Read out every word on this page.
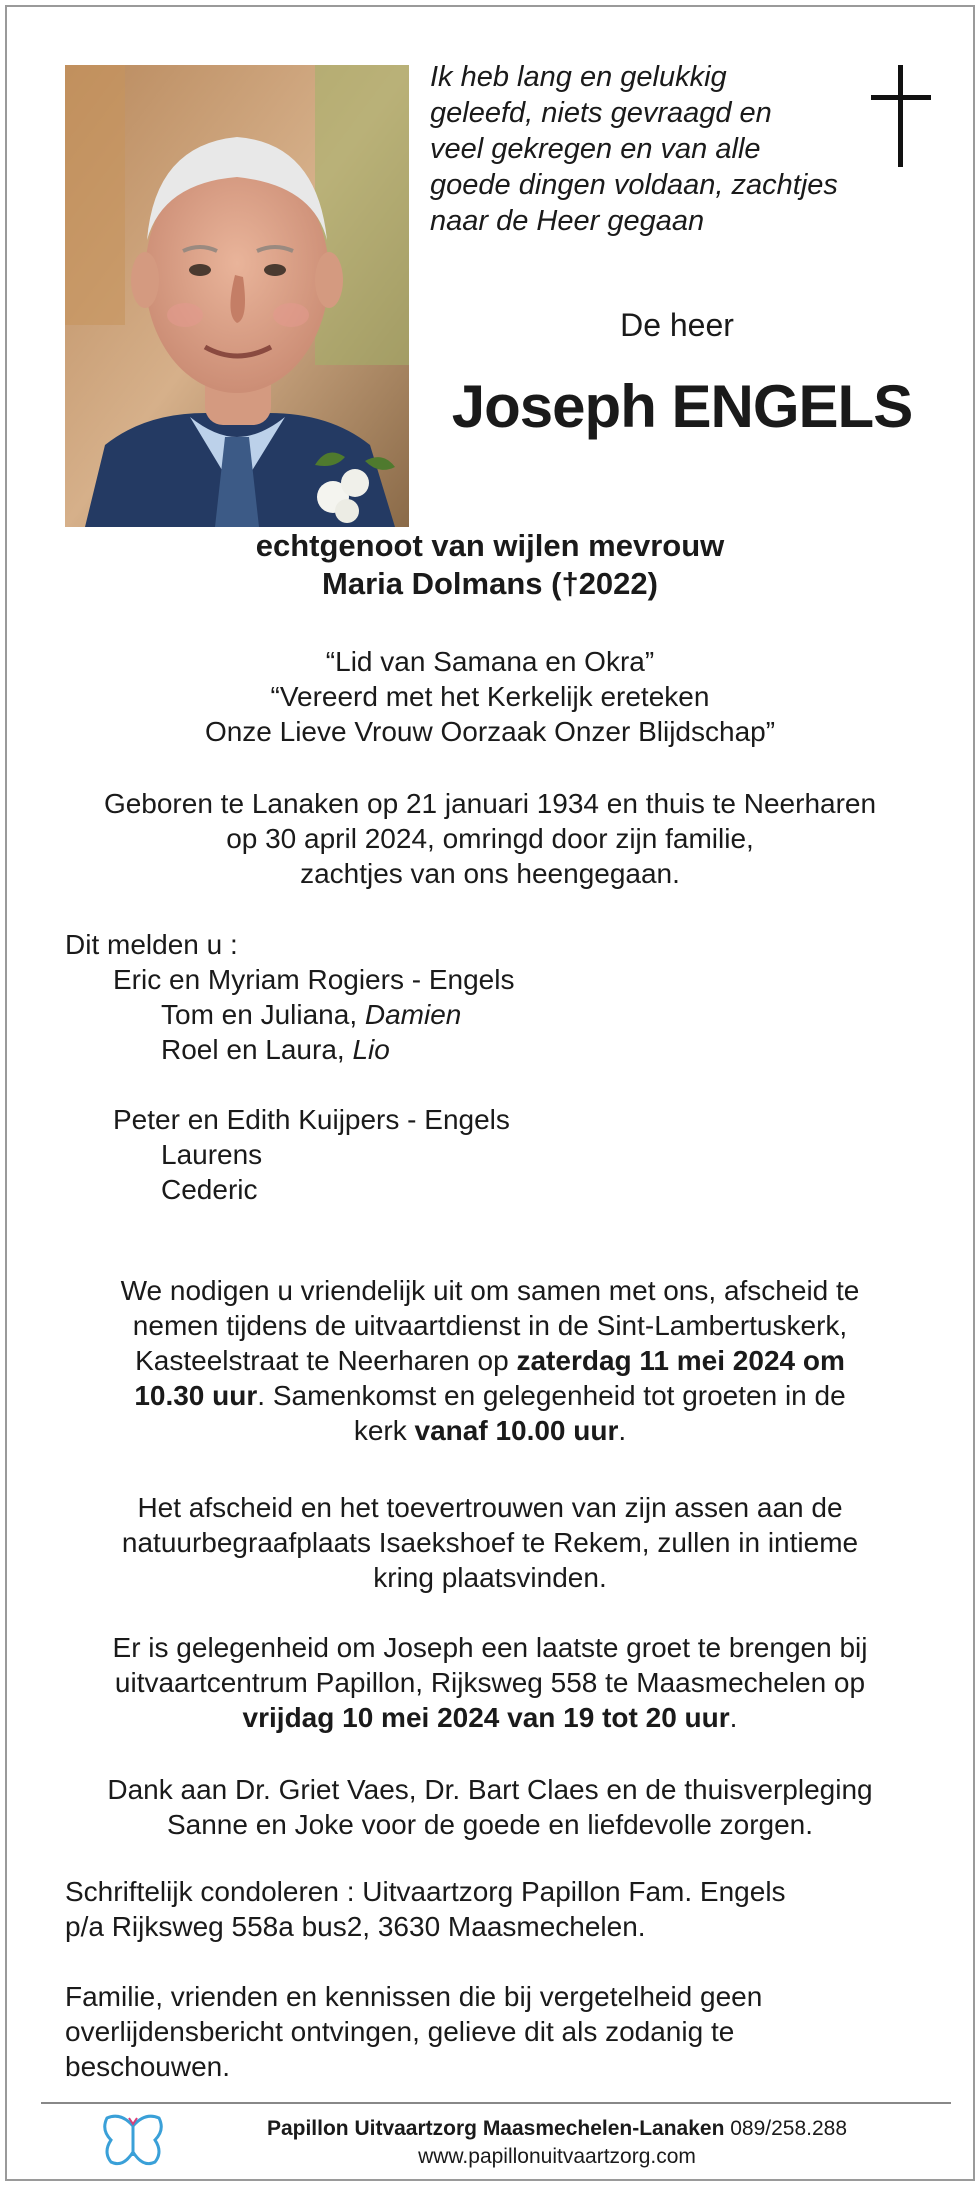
Ik heb lang en gelukkig
geleefd, niets gevraagd en
veel gekregen en van alle
goede dingen voldaan, zachtjes
naar de Heer gegaan
De heer
Joseph ENGELS
echtgenoot van wijlen mevrouw
Maria Dolmans (†2022)
“Lid van Samana en Okra”
“Vereerd met het Kerkelijk ereteken
Onze Lieve Vrouw Oorzaak Onzer Blijdschap”
Geboren te Lanaken op 21 januari 1934 en thuis te Neerharen
op 30 april 2024, omringd door zijn familie,
zachtjes van ons heengegaan.
Dit melden u :
Eric en Myriam Rogiers - Engels
Tom en Juliana, Damien
Roel en Laura, Lio
Peter en Edith Kuijpers - Engels
Laurens
Cederic
We nodigen u vriendelijk uit om samen met ons, afscheid te
nemen tijdens de uitvaartdienst in de Sint-Lambertuskerk,
Kasteelstraat te Neerharen op zaterdag 11 mei 2024 om
10.30 uur. Samenkomst en gelegenheid tot groeten in de
kerk vanaf 10.00 uur.
Het afscheid en het toevertrouwen van zijn assen aan de
natuurbegraafplaats Isaekshoef te Rekem, zullen in intieme
kring plaatsvinden.
Er is gelegenheid om Joseph een laatste groet te brengen bij
uitvaartcentrum Papillon, Rijksweg 558 te Maasmechelen op
vrijdag 10 mei 2024 van 19 tot 20 uur.
Dank aan Dr. Griet Vaes, Dr. Bart Claes en de thuisverpleging
Sanne en Joke voor de goede en liefdevolle zorgen.
Schriftelijk condoleren : Uitvaartzorg Papillon Fam. Engels
p/a Rijksweg 558a bus2, 3630 Maasmechelen.
Familie, vrienden en kennissen die bij vergetelheid geen
overlijdensbericht ontvingen, gelieve dit als zodanig te
beschouwen.
Papillon Uitvaartzorg Maasmechelen-Lanaken 089/258.288
www.papillonuitvaartzorg.com
